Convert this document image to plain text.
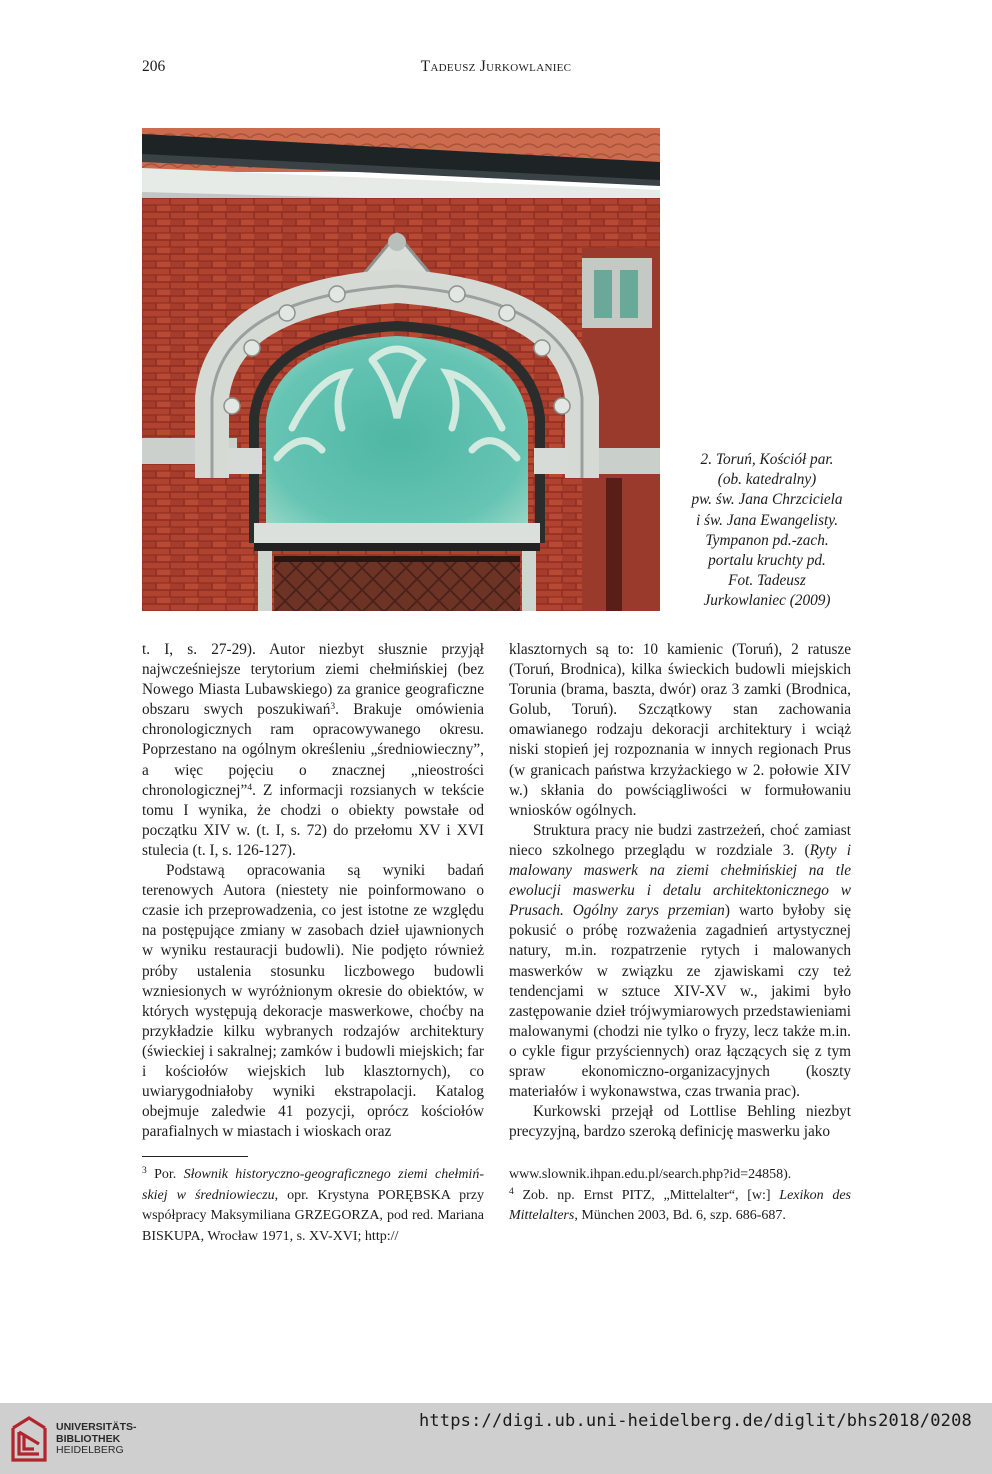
206	Tadeusz Jurkowlaniec
2. Toruń, Kościół par.
(ob. katedralny)
pw. św. Jana Chrzciciela
i św. Jana Ewangelisty.
Tympanon pd.-zach.
portalu kruchty pd.
Fot. Tadeusz
Jurkowlaniec (2009)

t. I, s. 27-29). Autor niezbyt słusznie przyjął najwcześniejsze terytorium ziemi chełmińskiej (bez Nowego Miasta Lubawskiego) za granice geograficzne obszaru swych poszukiwań$^3$. Brakuje omówienia chronologicznych ram opracowywanego okresu. Poprzestano na ogólnym określeniu „średniowieczny”, a więc pojęciu o znacznej „nieostrości chronologicznej”$^4$. Z informacji rozsianych w tekście tomu I wynika, że chodzi o obiekty powstałe od początku XIV w. (t. I, s. 72) do przełomu XV i XVI stulecia (t. I, s. 126-127).

Podstawą opracowania są wyniki badań terenowych Autora (niestety nie poinformowano o czasie ich przeprowadzenia, co jest istotne ze względu na postępujące zmiany w zasobach dzieł ujawnionych w wyniku restauracji budowli). Nie podjęto również próby ustalenia stosunku liczbowego budowli wzniesionych w wyróżnionym okresie do obiektów, w których występują dekoracje maswerkowe, choćby na przykładzie kilku wybranych rodzajów architektury (świeckiej i sakralnej; zamków i budowli miejskich; far i kościołów wiejskich lub klasztornych), co uwiarygodniałoby wyniki ekstrapolacji. Katalog obejmuje zaledwie 41 pozycji, oprócz kościołów parafialnych w miastach i wioskach oraz

klasztornych są to: 10 kamienic (Toruń), 2 ratusze (Toruń, Brodnica), kilka świeckich budowli miejskich Torunia (brama, baszta, dwór) oraz 3 zamki (Brodnica, Golub, Toruń). Szczątkowy stan zachowania omawianego rodzaju dekoracji architektury i wciąż niski stopień jej rozpoznania w innych regionach Prus (w granicach państwa krzyżackiego w 2. połowie XIV w.) skłania do powściągliwości w formułowaniu wniosków ogólnych.

Struktura pracy nie budzi zastrzeżeń, choć zamiast nieco szkolnego przeglądu w rozdziale 3. (Ryty i malowany maswerk na ziemi chełmińskiej na tle ewolucji maswerku i detalu architektonicznego w Prusach. Ogólny zarys przemian) warto byłoby się pokusić o próbę rozważenia zagadnień artystycznej natury, m.in. rozpatrzenie rytych i malowanych maswerków w związku ze zjawiskami czy też tendencjami w sztuce XIV-XV w., jakimi było zastępowanie dzieł trójwymiarowych przedstawieniami malowanymi (chodzi nie tylko o fryzy, lecz także m.in. o cykle figur przyściennych) oraz łączących się z tym spraw ekonomiczno-organizacyjnych (koszty materiałów i wykonawstwa, czas trwania prac).

Kurkowski przejął od Lottlise Behling niezbyt precyzyjną, bardzo szeroką definicję maswerku jako

$^3$ Por. Słownik historyczno-geograficznego ziemi chełmińskiej w średniowieczu, opr. Krystyna PORĘBSKA przy współpracy Maksymiliana GRZEGORZA, pod red. Mariana BISKUPA, Wrocław 1971, s. XV-XVI; http://

www.slownik.ihpan.edu.pl/search.php?id=24858).

$^4$ Zob. np. Ernst PITZ, „Mittelalter“, [w:] Lexikon des Mittelalters, München 2003, Bd. 6, szp. 686-687.

UNIVERSITÄTS-
BIBLIOTHEK
HEIDELBERG
https://digi.ub.uni-heidelberg.de/diglit/bhs2018/0208
